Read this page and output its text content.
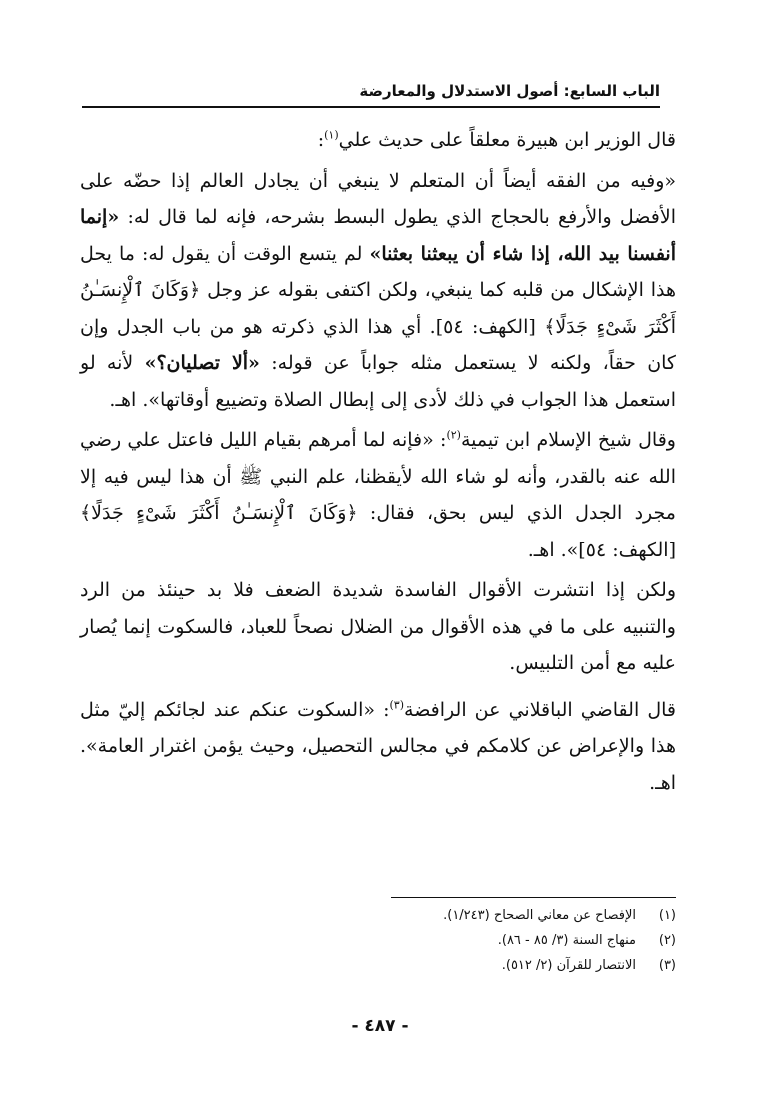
الباب السابع: أصول الاستدلال والمعارضة

قال الوزير ابن هبيرة معلقاً على حديث علي$^{(١)}$:

«وفيه من الفقه أيضاً أن المتعلم لا ينبغي أن يجادل العالم إذا حضّه على الأفضل والأرفع بالحجاج الذي يطول البسط بشرحه، فإنه لما قال له: «إنما أنفسنا بيد الله، إذا شاء أن يبعثنا بعثنا» لم يتسع الوقت أن يقول له: ما يحل هذا الإشكال من قلبه كما ينبغي، ولكن اكتفى بقوله عز وجل ﴿وَكَانَ ٱلْإِنسَـٰنُ أَكْثَرَ شَىْءٍ جَدَلًا﴾ [الكهف: ٥٤]. أي هذا الذي ذكرته هو من باب الجدل وإن كان حقاً، ولكنه لا يستعمل مثله جواباً عن قوله: «ألا تصليان؟» لأنه لو استعمل هذا الجواب في ذلك لأدى إلى إبطال الصلاة وتضييع أوقاتها». اهـ.

وقال شيخ الإسلام ابن تيمية$^{(٢)}$: «فإنه لما أمرهم بقيام الليل فاعتل علي رضي الله عنه بالقدر، وأنه لو شاء الله لأيقظنا، علم النبي ﷺ أن هذا ليس فيه إلا مجرد الجدل الذي ليس بحق، فقال: ﴿وَكَانَ ٱلْإِنسَـٰنُ أَكْثَرَ شَىْءٍ جَدَلًا﴾ [الكهف: ٥٤]». اهـ.

ولكن إذا انتشرت الأقوال الفاسدة شديدة الضعف فلا بد حينئذ من الرد والتنبيه على ما في هذه الأقوال من الضلال نصحاً للعباد، فالسكوت إنما يُصار عليه مع أمن التلبيس.

قال القاضي الباقلاني عن الرافضة$^{(٣)}$: «السكوت عنكم عند لجائكم إليّ مثل هذا والإعراض عن كلامكم في مجالس التحصيل، وحيث يؤمن اغترار العامة». اهـ.

(١)
الإفصاح عن معاني الصحاح (١/٢٤٣).
(٢)
منهاج السنة (٣/ ٨٥ - ٨٦).
(٣)
الانتصار للقرآن (٢/ ٥١٢).
- ٤٨٧ -
